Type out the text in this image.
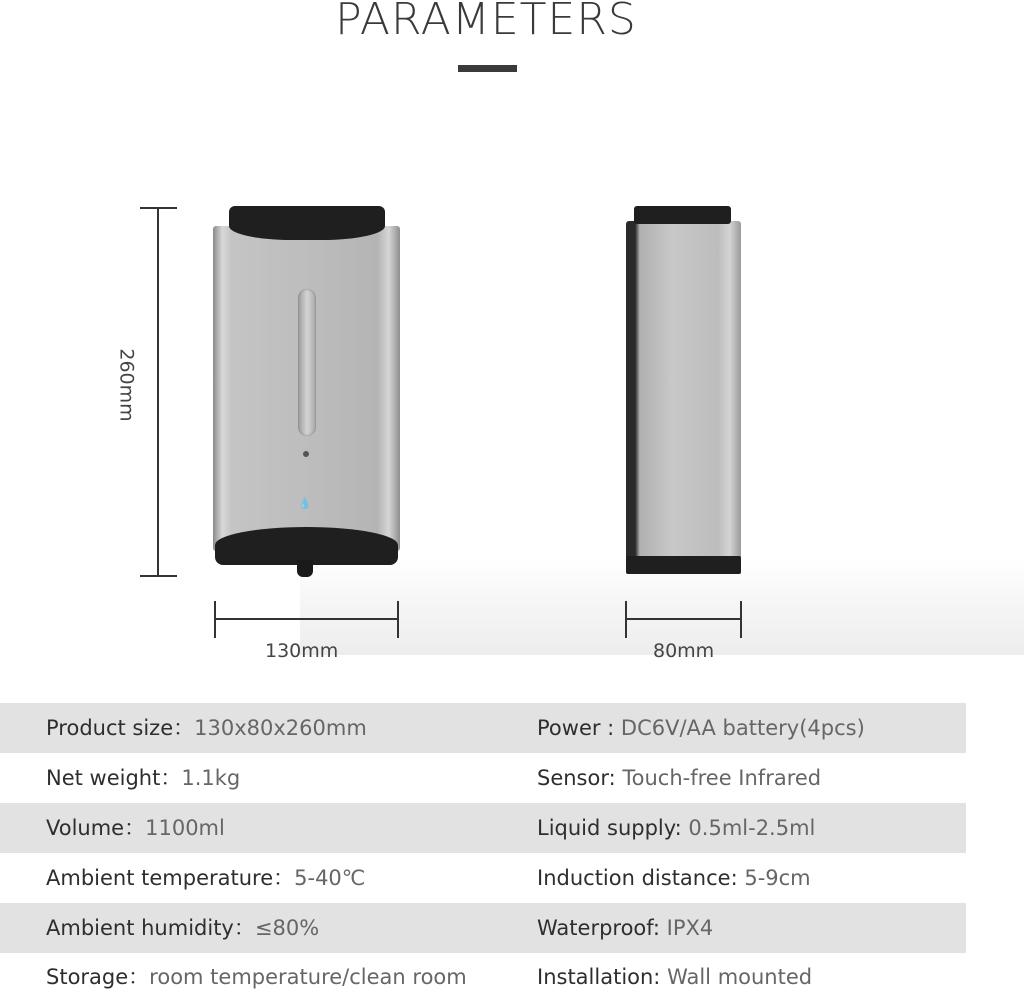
PARAMETERS
260mm
💧
130mm	80mm
Product size：130x80x260mm	Power : DC6V/AA battery(4pcs)
Net weight：1.1kg	Sensor: Touch-free Infrared
Volume：1100ml	Liquid supply: 0.5ml-2.5ml
Ambient temperature：5-40℃	Induction distance: 5-9cm
Ambient humidity：≤80%	Waterproof: IPX4
Storage：room temperature/clean room	Installation: Wall mounted
